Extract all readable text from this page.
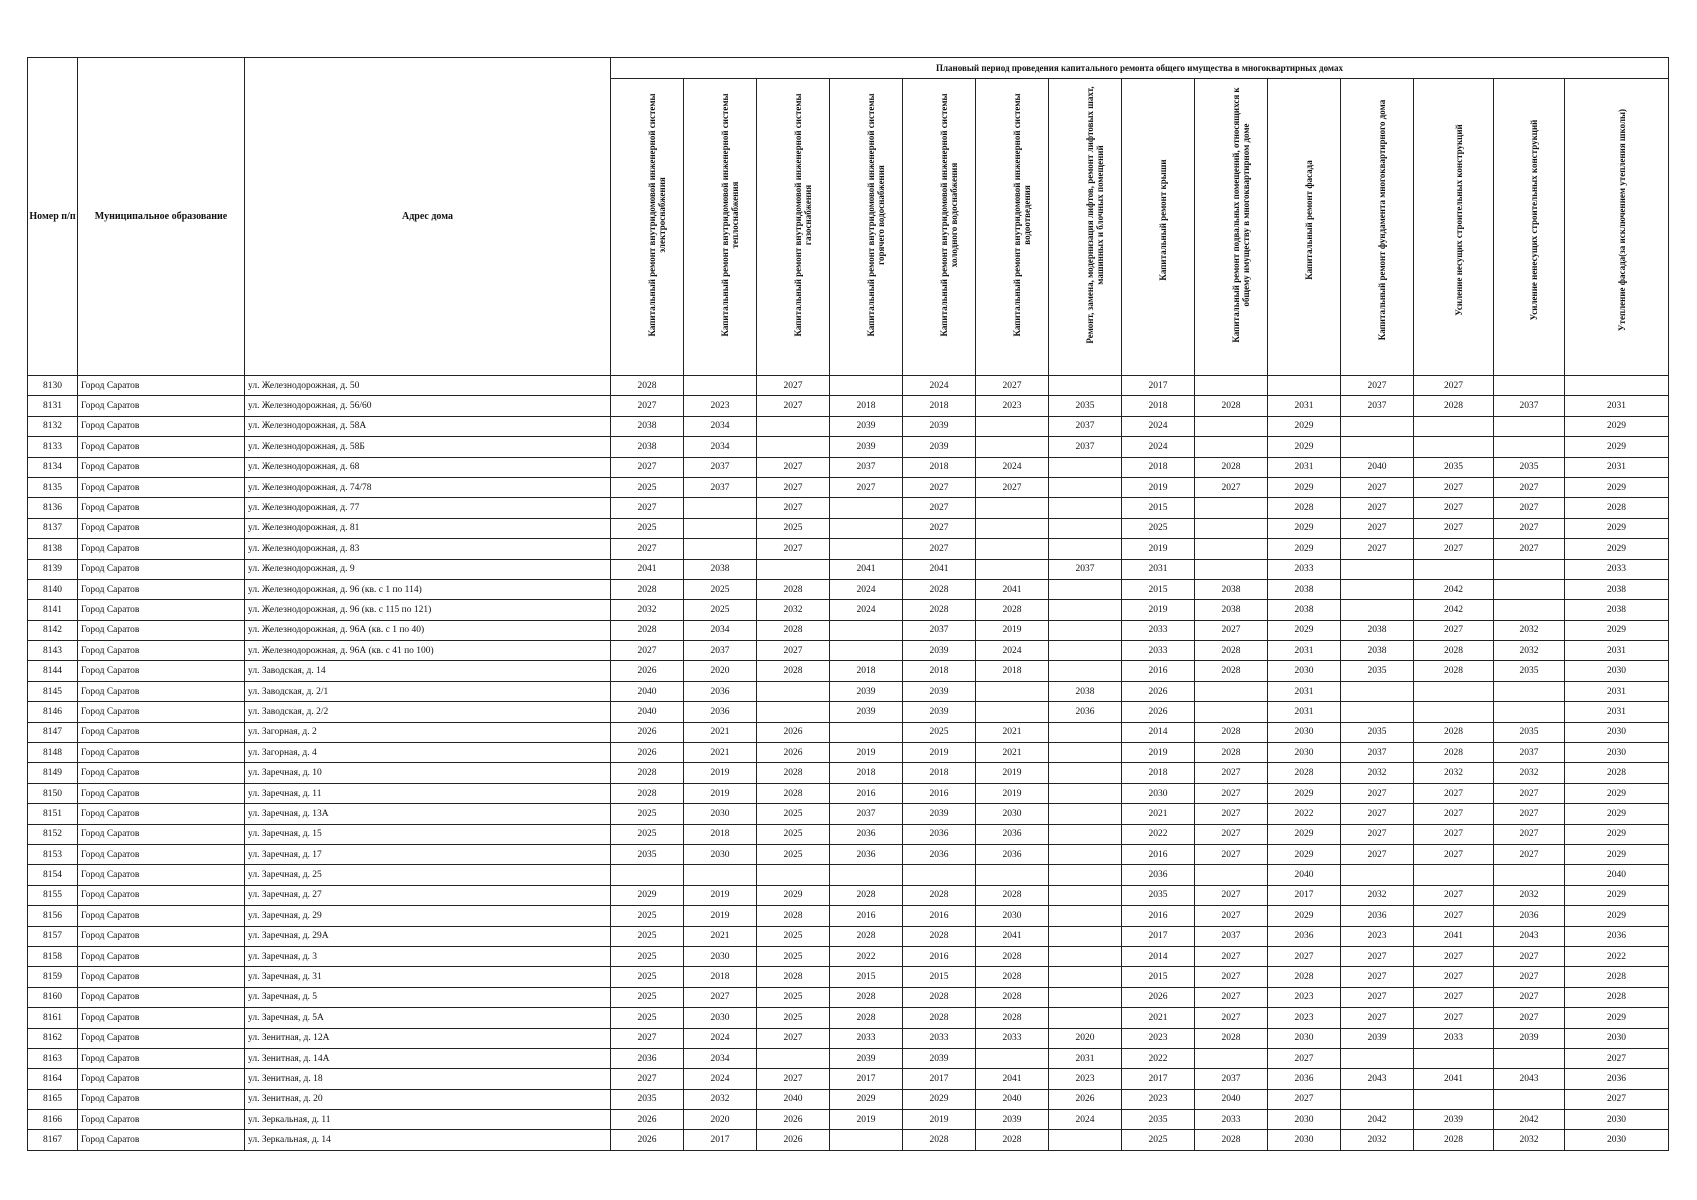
Номер п/п	Муниципальное образование	Адрес дома	Плановый период проведения капитального ремонта общего имущества в многоквартирных домах													

			Капитальный ремонт внутридомовой инженерной системы электроснабжения	Капитальный ремонт внутридомовой инженерной системы теплоснабжения	Капитальный ремонт внутридомовой инженерной системы газоснабжения	Капитальный ремонт внутридомовой инженерной системы горячего водоснабжения	Капитальный ремонт внутридомовой инженерной системы холодного водоснабжения	Капитальный ремонт внутридомовой инженерной системы водоотведения	Ремонт, замена, модернизация лифтов, ремонт лифтовых шахт, машинных и блочных помещений	Капитальный ремонт крыши	Капитальный ремонт подвальных помещений, относящихся к общему имуществу в многоквартирном доме	Капитальный ремонт фасада	Капитальный ремонт фундамента многоквартирного дома	Усиление несущих строительных конструкций	Усиление ненесущих строительных конструкций	Утепление фасада(за исключением утепления школы)

8130	Город Саратов	ул. Железнодорожная, д. 50	2028		2027		2024	2027		2017			2027	2027		
8131	Город Саратов	ул. Железнодорожная, д. 56/60	2027	2023	2027	2018	2018	2023	2035	2018	2028	2031	2037	2028	2037	2031
8132	Город Саратов	ул. Железнодорожная, д. 58А	2038	2034		2039	2039		2037	2024		2029				2029
8133	Город Саратов	ул. Железнодорожная, д. 58Б	2038	2034		2039	2039		2037	2024		2029				2029
8134	Город Саратов	ул. Железнодорожная, д. 68	2027	2037	2027	2037	2018	2024		2018	2028	2031	2040	2035	2035	2031
8135	Город Саратов	ул. Железнодорожная, д. 74/78	2025	2037	2027	2027	2027	2027		2019	2027	2029	2027	2027	2027	2029
8136	Город Саратов	ул. Железнодорожная, д. 77	2027		2027		2027			2015		2028	2027	2027	2027	2028
8137	Город Саратов	ул. Железнодорожная, д. 81	2025		2025		2027			2025		2029	2027	2027	2027	2029
8138	Город Саратов	ул. Железнодорожная, д. 83	2027		2027		2027			2019		2029	2027	2027	2027	2029
8139	Город Саратов	ул. Железнодорожная, д. 9	2041	2038		2041	2041		2037	2031		2033				2033
8140	Город Саратов	ул. Железнодорожная, д. 96 (кв. с 1 по 114)	2028	2025	2028	2024	2028	2041		2015	2038	2038		2042		2038
8141	Город Саратов	ул. Железнодорожная, д. 96 (кв. с 115 по 121)	2032	2025	2032	2024	2028	2028		2019	2038	2038		2042		2038
8142	Город Саратов	ул. Железнодорожная, д. 96А (кв. с 1 по 40)	2028	2034	2028		2037	2019		2033	2027	2029	2038	2027	2032	2029
8143	Город Саратов	ул. Железнодорожная, д. 96А (кв. с 41 по 100)	2027	2037	2027		2039	2024		2033	2028	2031	2038	2028	2032	2031
8144	Город Саратов	ул. Заводская, д. 14	2026	2020	2028	2018	2018	2018		2016	2028	2030	2035	2028	2035	2030
8145	Город Саратов	ул. Заводская, д. 2/1	2040	2036		2039	2039		2038	2026		2031				2031
8146	Город Саратов	ул. Заводская, д. 2/2	2040	2036		2039	2039		2036	2026		2031				2031
8147	Город Саратов	ул. Загорная, д. 2	2026	2021	2026		2025	2021		2014	2028	2030	2035	2028	2035	2030
8148	Город Саратов	ул. Загорная, д. 4	2026	2021	2026	2019	2019	2021		2019	2028	2030	2037	2028	2037	2030
8149	Город Саратов	ул. Заречная, д. 10	2028	2019	2028	2018	2018	2019		2018	2027	2028	2032	2032	2032	2028
8150	Город Саратов	ул. Заречная, д. 11	2028	2019	2028	2016	2016	2019		2030	2027	2029	2027	2027	2027	2029
8151	Город Саратов	ул. Заречная, д. 13А	2025	2030	2025	2037	2039	2030		2021	2027	2022	2027	2027	2027	2029
8152	Город Саратов	ул. Заречная, д. 15	2025	2018	2025	2036	2036	2036		2022	2027	2029	2027	2027	2027	2029
8153	Город Саратов	ул. Заречная, д. 17	2035	2030	2025	2036	2036	2036		2016	2027	2029	2027	2027	2027	2029
8154	Город Саратов	ул. Заречная, д. 25								2036		2040				2040
8155	Город Саратов	ул. Заречная, д. 27	2029	2019	2029	2028	2028	2028		2035	2027	2017	2032	2027	2032	2029
8156	Город Саратов	ул. Заречная, д. 29	2025	2019	2028	2016	2016	2030		2016	2027	2029	2036	2027	2036	2029
8157	Город Саратов	ул. Заречная, д. 29А	2025	2021	2025	2028	2028	2041		2017	2037	2036	2023	2041	2043	2036
8158	Город Саратов	ул. Заречная, д. 3	2025	2030	2025	2022	2016	2028		2014	2027	2027	2027	2027	2027	2022
8159	Город Саратов	ул. Заречная, д. 31	2025	2018	2028	2015	2015	2028		2015	2027	2028	2027	2027	2027	2028
8160	Город Саратов	ул. Заречная, д. 5	2025	2027	2025	2028	2028	2028		2026	2027	2023	2027	2027	2027	2028
8161	Город Саратов	ул. Заречная, д. 5А	2025	2030	2025	2028	2028	2028		2021	2027	2023	2027	2027	2027	2029
8162	Город Саратов	ул. Зенитная, д. 12А	2027	2024	2027	2033	2033	2033	2020	2023	2028	2030	2039	2033	2039	2030
8163	Город Саратов	ул. Зенитная, д. 14А	2036	2034		2039	2039		2031	2022		2027				2027
8164	Город Саратов	ул. Зенитная, д. 18	2027	2024	2027	2017	2017	2041	2023	2017	2037	2036	2043	2041	2043	2036
8165	Город Саратов	ул. Зенитная, д. 20	2035	2032	2040	2029	2029	2040	2026	2023	2040	2027				2027
8166	Город Саратов	ул. Зеркальная, д. 11	2026	2020	2026	2019	2019	2039	2024	2035	2033	2030	2042	2039	2042	2030
8167	Город Саратов	ул. Зеркальная, д. 14	2026	2017	2026		2028	2028		2025	2028	2030	2032	2028	2032	2030
